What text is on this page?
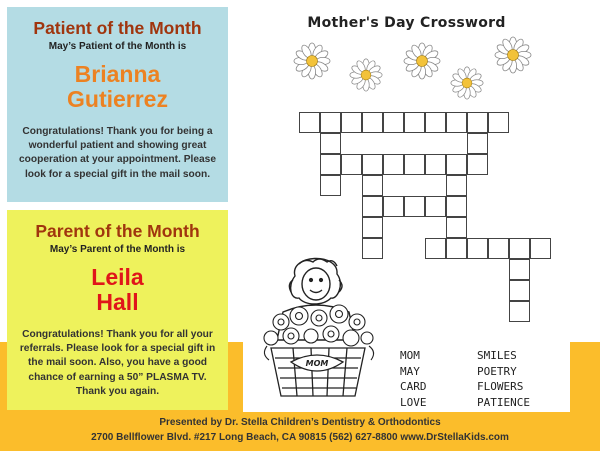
Patient of the Month
May’s Patient of the Month is
Brianna
Gutierrez
Congratulations! Thank you for being a wonderful patient and showing great cooperation at your appointment. Please look for a special gift in the mail soon.
Parent of the Month
May’s Parent of the Month is
Leila
Hall
Congratulations! Thank you for all your referrals. Please look for a special gift in the mail soon. Also, you have a good chance of earning a 50” PLASMA TV. Thank you again.
Mother's Day Crossword
MOM
MOM
MAY
CARD
LOVE
SMILES
POETRY
FLOWERS
PATIENCE
Presented by Dr. Stella Children’s Dentistry & Orthodontics
2700 Bellflower Blvd. #217 Long Beach, CA 90815 (562) 627-8800 www.DrStellaKids.com
